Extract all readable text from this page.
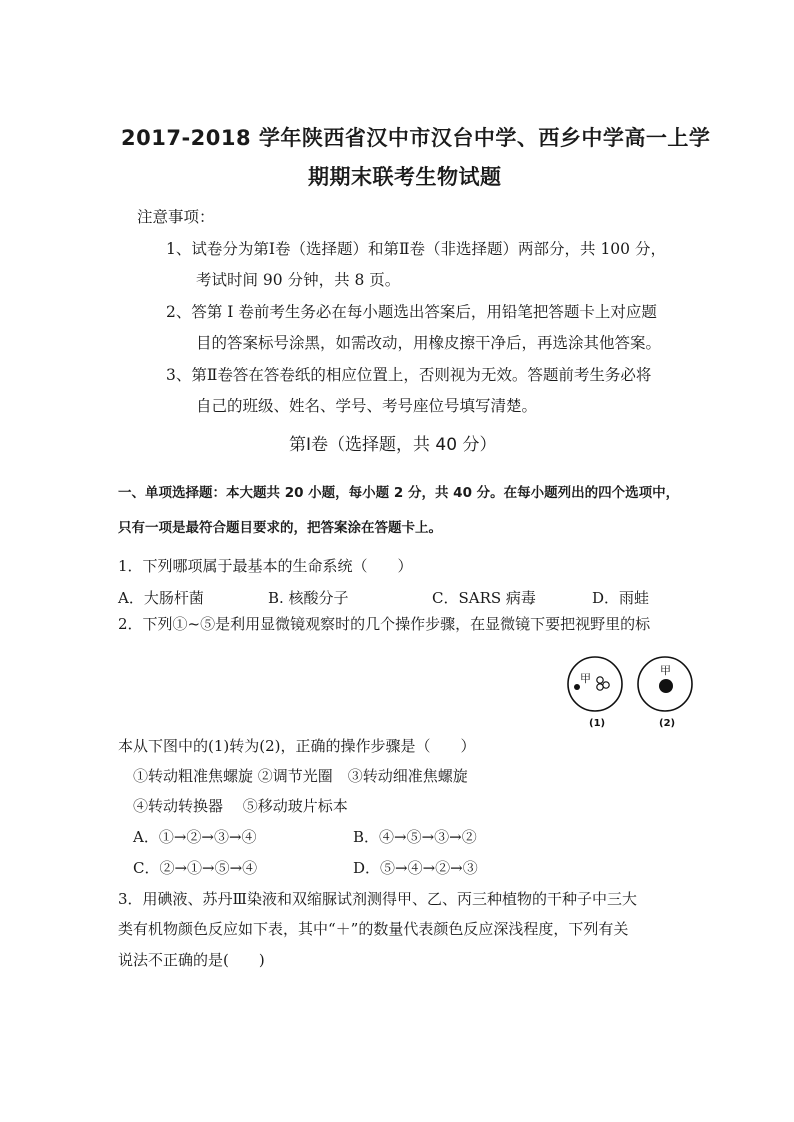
2017-2018 学年陕西省汉中市汉台中学、西乡中学高一上学
期期末联考生物试题
注意事项：
1、试卷分为第Ⅰ卷（选择题）和第Ⅱ卷（非选择题）两部分，共 100 分，
考试时间 90 分钟，共 8 页。
2、答第 I 卷前考生务必在每小题选出答案后，用铅笔把答题卡上对应题
目的答案标号涂黑，如需改动，用橡皮擦干净后，再选涂其他答案。
3、第Ⅱ卷答在答卷纸的相应位置上，否则视为无效。答题前考生务必将
自己的班级、姓名、学号、考号座位号填写清楚。
第Ⅰ卷（选择题，共 40 分）
一、单项选择题：本大题共 20 小题，每小题 2 分，共 40 分。在每小题列出的四个选项中，
只有一项是最符合题目要求的，把答案涂在答题卡上。
1．下列哪项属于最基本的生命系统（　　）
A．大肠杆菌	B. 核酸分子	C．SARS 病毒	D．雨蛙
2．下列①~⑤是利用显微镜观察时的几个操作步骤，在显微镜下要把视野里的标
甲
(1)
甲
(2)
本从下图中的(1)转为(2)，正确的操作步骤是（　　）
①转动粗准焦螺旋 ②调节光圈　③转动细准焦螺旋
④转动转换器　 ⑤移动玻片标本
A．①→②→③→④	B．④→⑤→③→②
C．②→①→⑤→④	D．⑤→④→②→③
3．用碘液、苏丹Ⅲ染液和双缩脲试剂测得甲、乙、丙三种植物的干种子中三大
类有机物颜色反应如下表，其中“＋”的数量代表颜色反应深浅程度，下列有关
说法不正确的是(　　)
